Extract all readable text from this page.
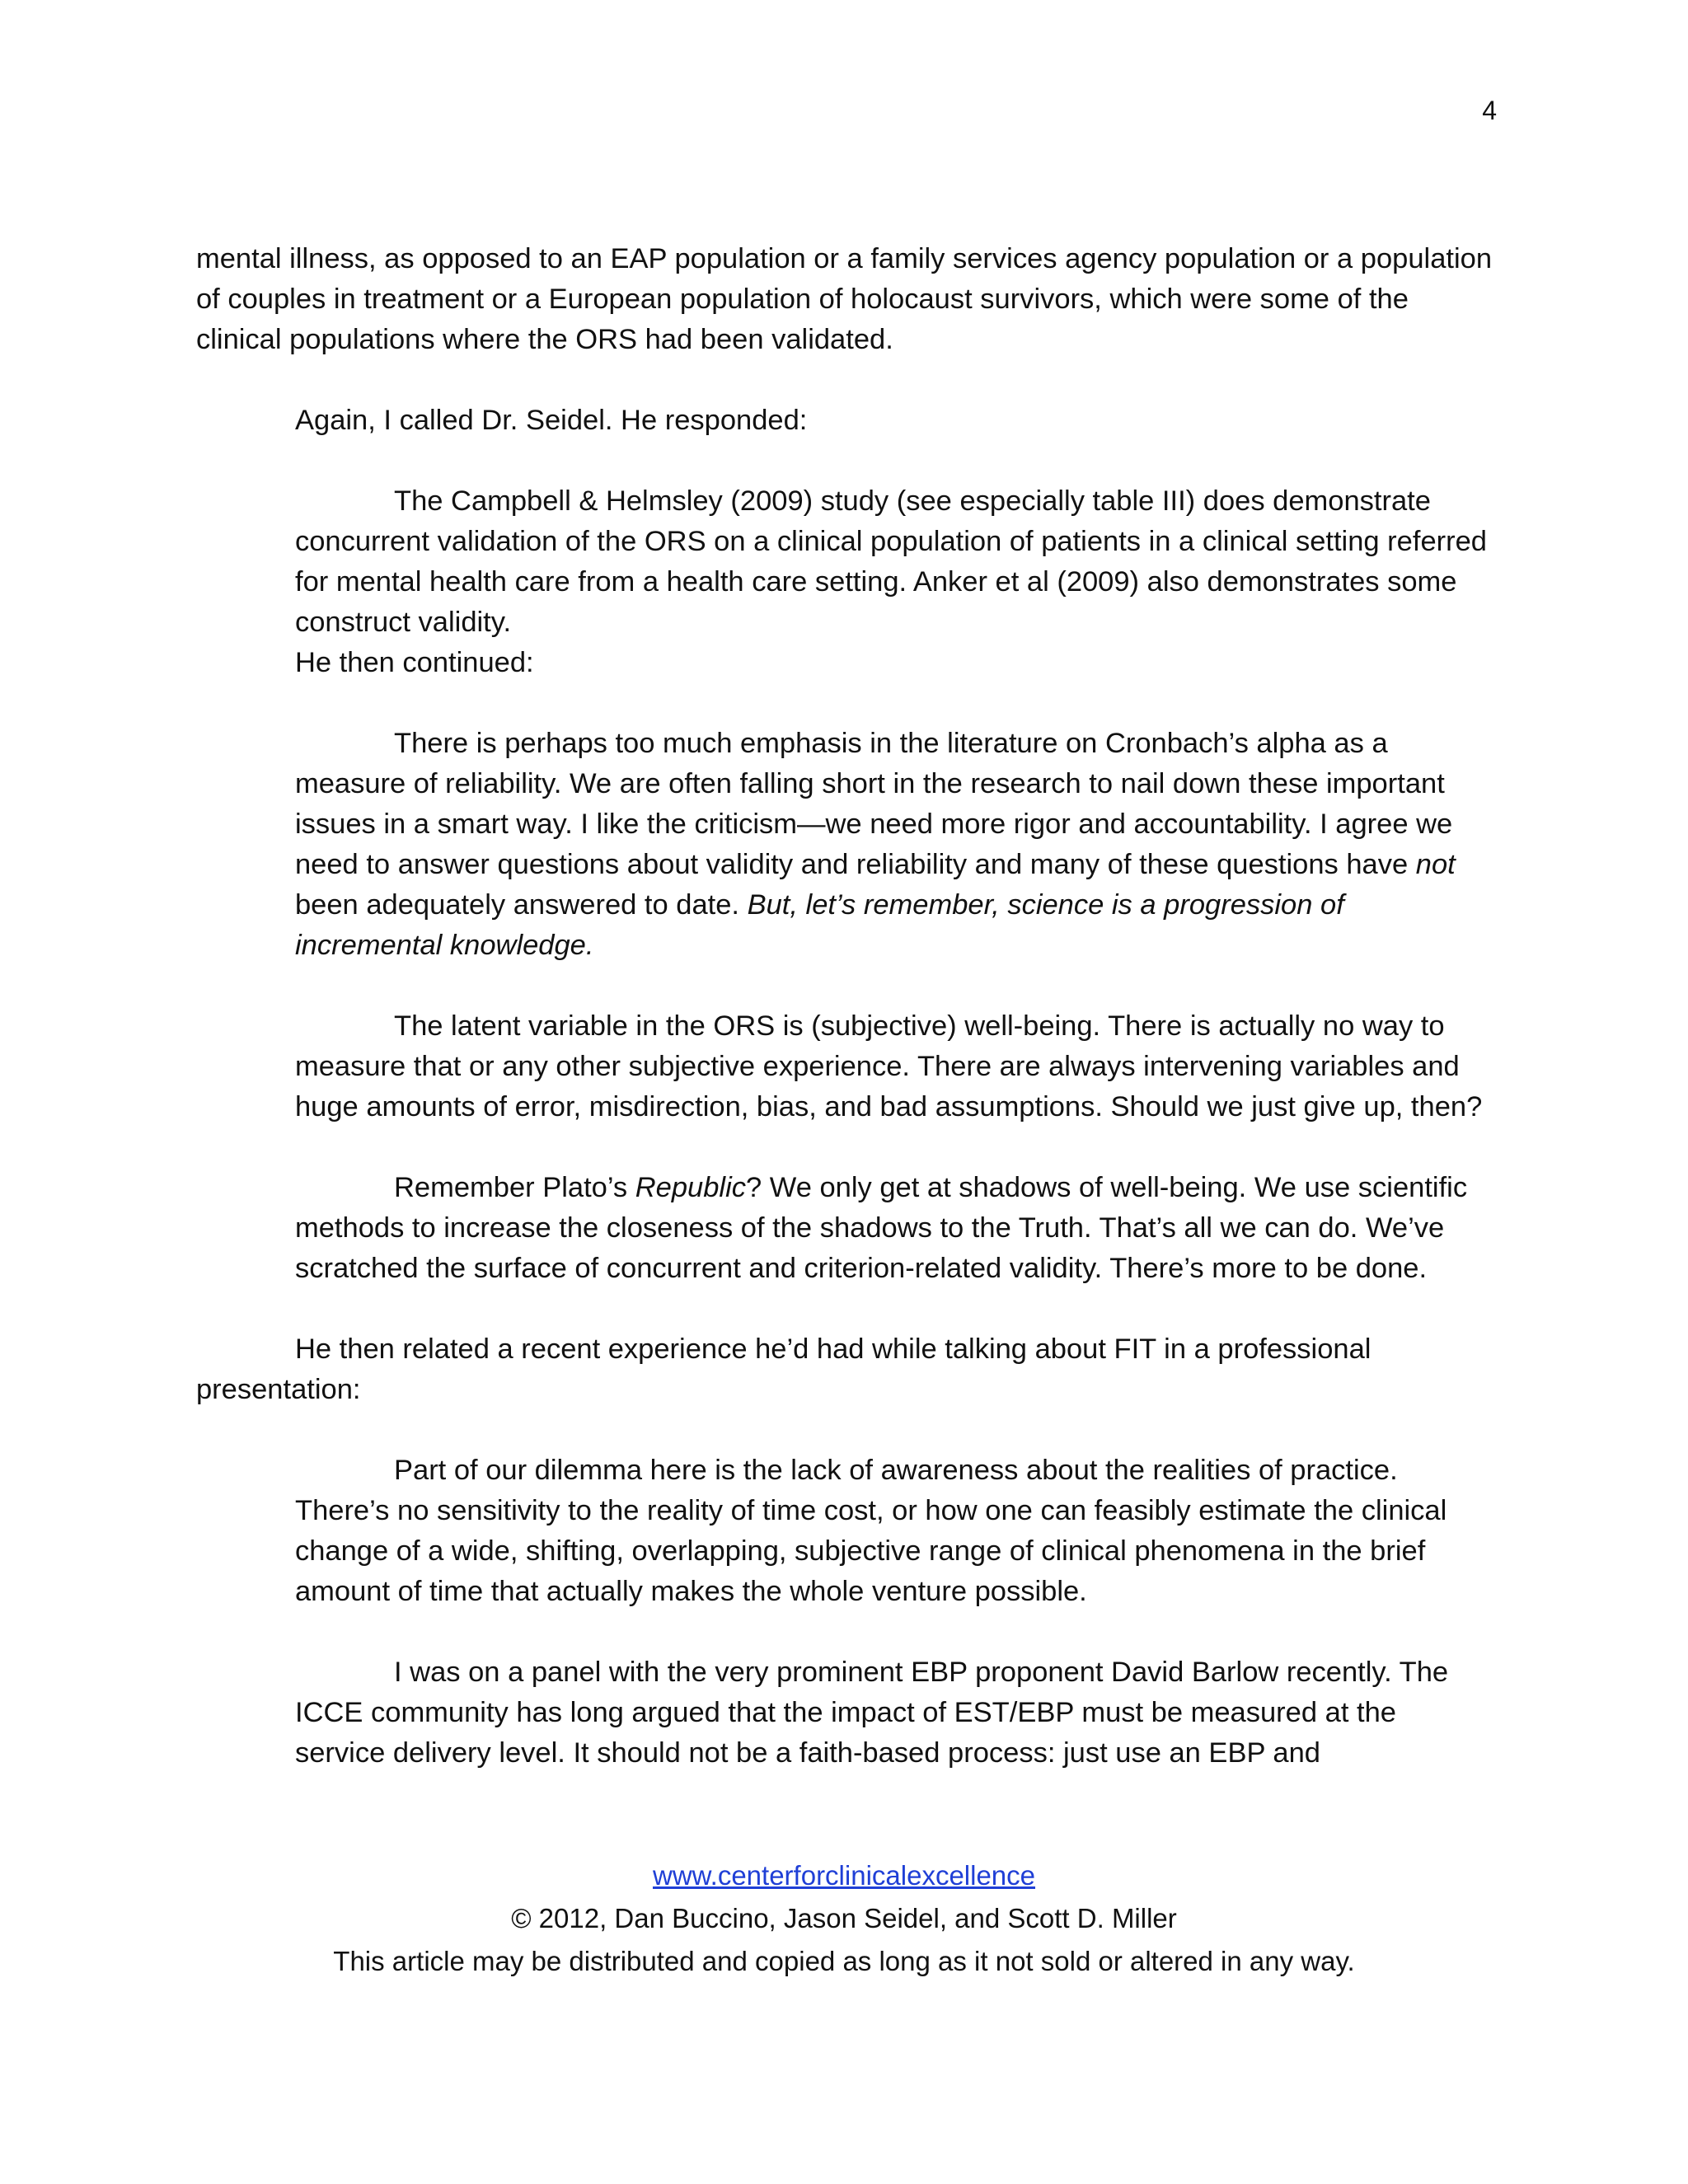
4

mental illness, as opposed to an EAP population or a family services agency population or a population of couples in treatment or a European population of holocaust survivors, which were some of the clinical populations where the ORS had been validated.

Again, I called Dr. Seidel. He responded:

The Campbell & Helmsley (2009) study (see especially table III) does demonstrate concurrent validation of the ORS on a clinical population of patients in a clinical setting referred for mental health care from a health care setting. Anker et al (2009) also demonstrates some construct validity.

He then continued:

There is perhaps too much emphasis in the literature on Cronbach’s alpha as a measure of reliability. We are often falling short in the research to nail down these important issues in a smart way. I like the criticism—we need more rigor and accountability. I agree we need to answer questions about validity and reliability and many of these questions have not been adequately answered to date. But, let’s remember, science is a progression of incremental knowledge.

The latent variable in the ORS is (subjective) well-being. There is actually no way to measure that or any other subjective experience. There are always intervening variables and huge amounts of error, misdirection, bias, and bad assumptions. Should we just give up, then?

Remember Plato’s Republic? We only get at shadows of well-being. We use scientific methods to increase the closeness of the shadows to the Truth. That’s all we can do. We’ve scratched the surface of concurrent and criterion-related validity. There’s more to be done.

He then related a recent experience he’d had while talking about FIT in a professional presentation:

Part of our dilemma here is the lack of awareness about the realities of practice. There’s no sensitivity to the reality of time cost, or how one can feasibly estimate the clinical change of a wide, shifting, overlapping, subjective range of clinical phenomena in the brief amount of time that actually makes the whole venture possible.

I was on a panel with the very prominent EBP proponent David Barlow recently. The ICCE community has long argued that the impact of EST/EBP must be measured at the service delivery level. It should not be a faith-based process: just use an EBP and

www.centerforclinicalexcellence
© 2012, Dan Buccino, Jason Seidel, and Scott D. Miller
This article may be distributed and copied as long as it not sold or altered in any way.
